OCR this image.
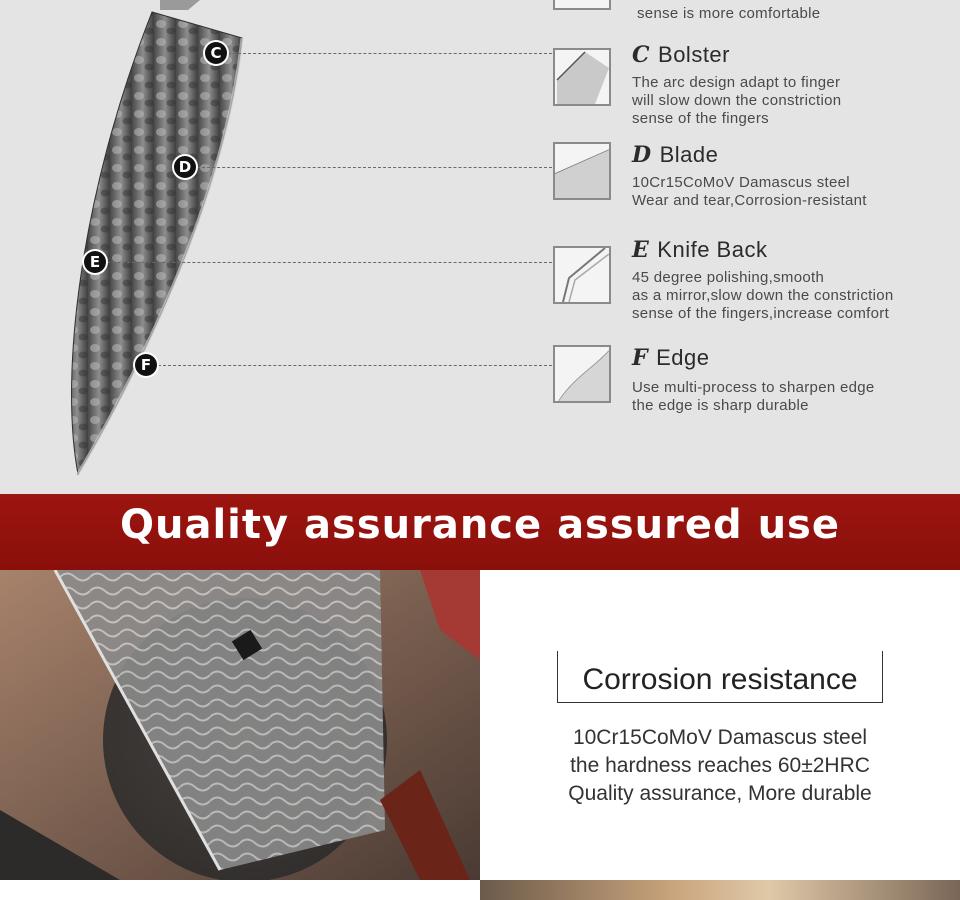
sense is more comfortable
C	C Bolster
The arc design adapt to finger
will slow down the constriction
sense of the fingers
D	D Blade
10Cr15CoMoV Damascus steel
Wear and tear,Corrosion-resistant
E	E Knife Back
45 degree polishing,smooth
as a mirror,slow down the constriction
sense of the fingers,increase comfort
F	F Edge
Use multi-process to sharpen edge
the edge is sharp durable
Quality assurance assured use
Corrosion resistance
10Cr15CoMoV Damascus steel
the hardness reaches 60±2HRC
Quality assurance, More durable
